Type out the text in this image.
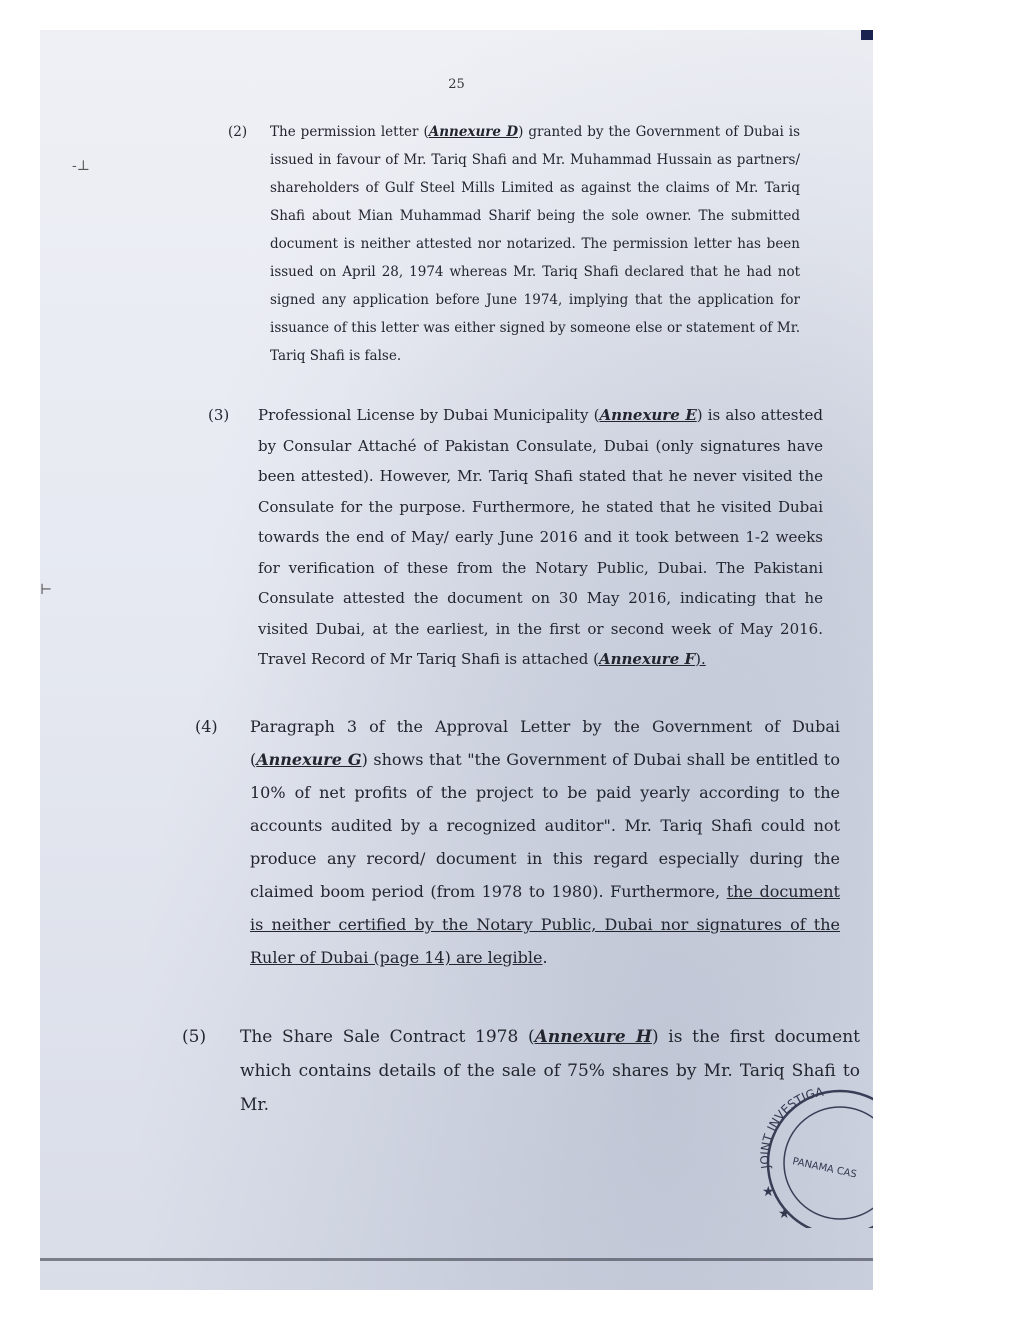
25
-⊥
⊢
(2) The permission letter (Annexure D) granted by the Government of Dubai is issued in favour of Mr. Tariq Shafi and Mr. Muhammad Hussain as partners/ shareholders of Gulf Steel Mills Limited as against the claims of Mr. Tariq Shafi about Mian Muhammad Sharif being the sole owner. The submitted document is neither attested nor notarized. The permission letter has been issued on April 28, 1974 whereas Mr. Tariq Shafi declared that he had not signed any application before June 1974, implying that the application for issuance of this letter was either signed by someone else or statement of Mr. Tariq Shafi is false.
(3) Professional License by Dubai Municipality (Annexure E) is also attested by Consular Attaché of Pakistan Consulate, Dubai (only signatures have been attested). However, Mr. Tariq Shafi stated that he never visited the Consulate for the purpose. Furthermore, he stated that he visited Dubai towards the end of May/ early June 2016 and it took between 1-2 weeks for verification of these from the Notary Public, Dubai. The Pakistani Consulate attested the document on 30 May 2016, indicating that he visited Dubai, at the earliest, in the first or second week of May 2016. Travel Record of Mr Tariq Shafi is attached (Annexure F).
(4) Paragraph 3 of the Approval Letter by the Government of Dubai (Annexure G) shows that "the Government of Dubai shall be entitled to 10% of net profits of the project to be paid yearly according to the accounts audited by a recognized auditor". Mr. Tariq Shafi could not produce any record/ document in this regard especially during the claimed boom period (from 1978 to 1980). Furthermore, the document is neither certified by the Notary Public, Dubai nor signatures of the Ruler of Dubai (page 14) are legible.
(5) The Share Sale Contract 1978 (Annexure H) is the first document which contains details of the sale of 75% shares by Mr. Tariq Shafi to Mr.
JOINT INVESTIGA
PANAMA CAS
★
★
